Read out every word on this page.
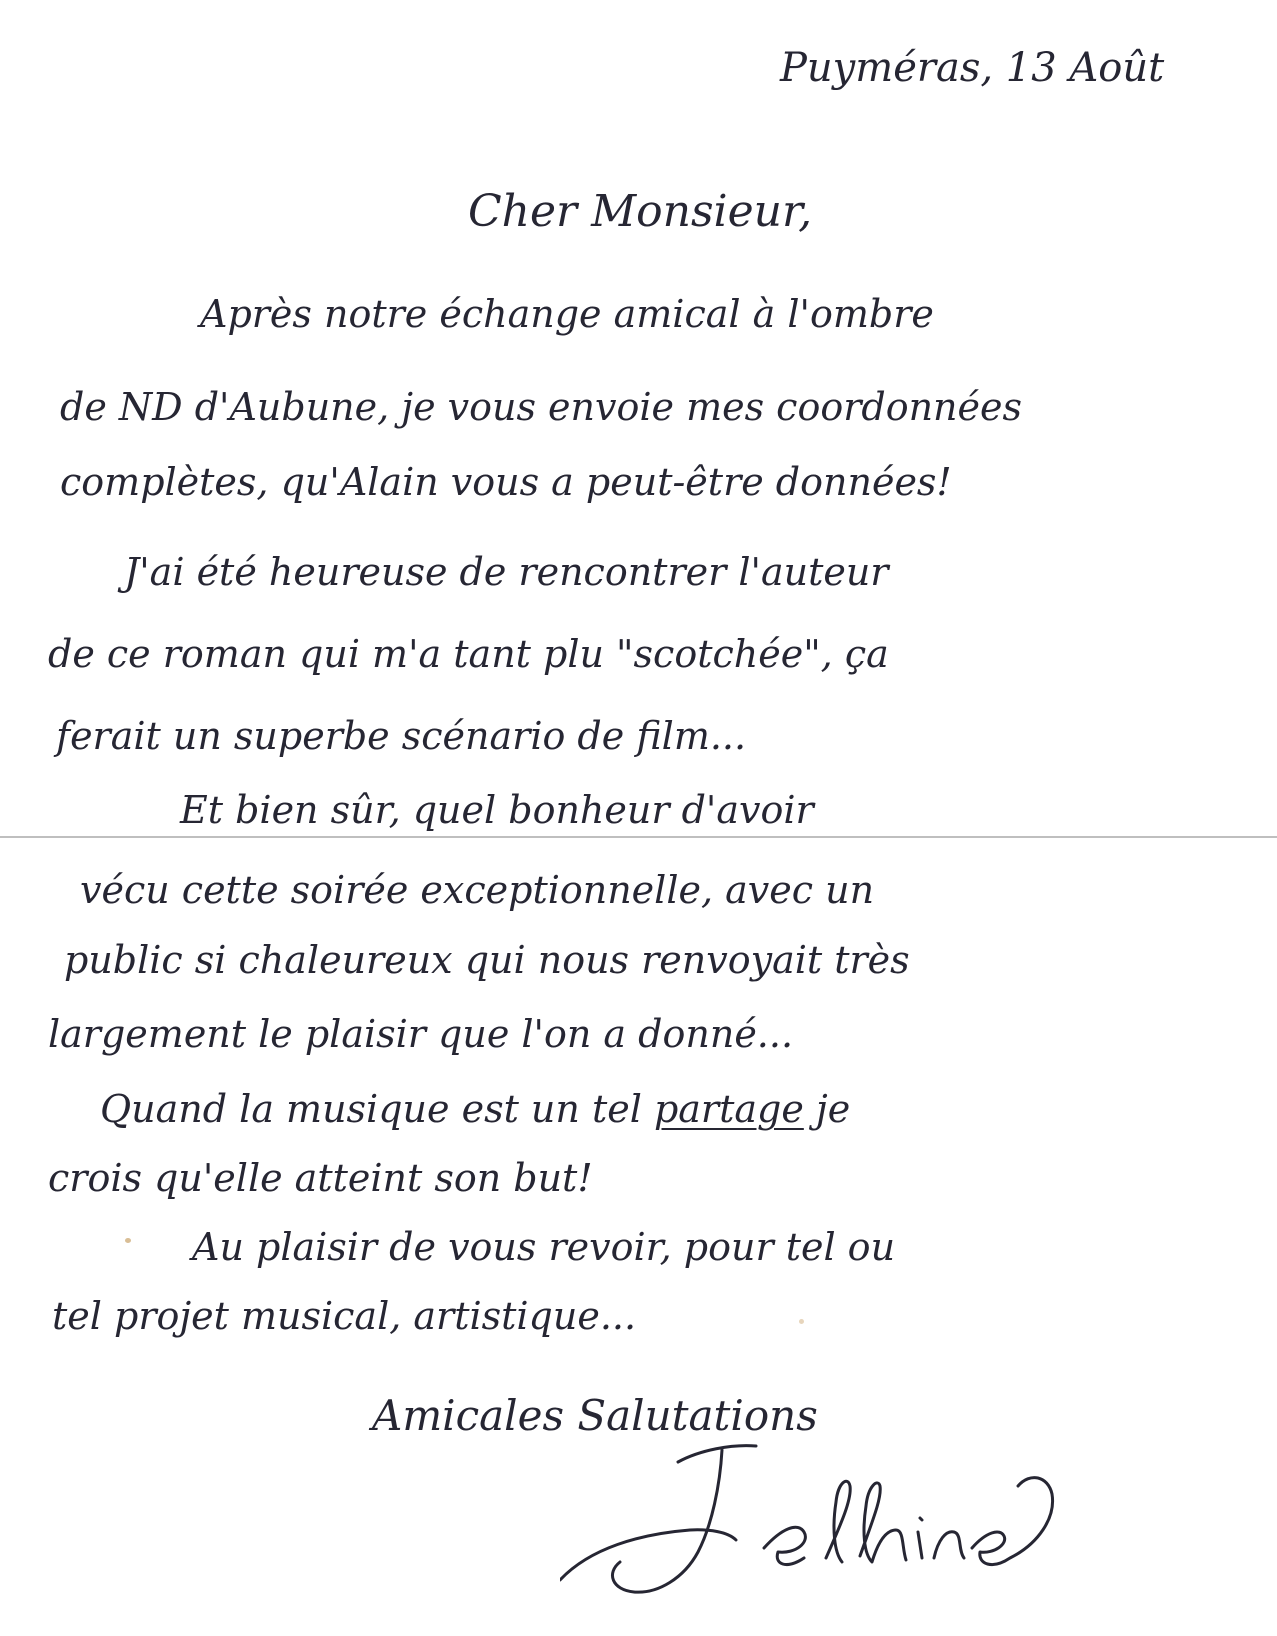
Puyméras, 13 Août

Cher Monsieur,

Après notre échange amical à l'ombre

de ND d'Aubune, je vous envoie mes coordonnées

complètes, qu'Alain vous a peut-être données!

J'ai été heureuse de rencontrer l'auteur

de ce roman qui m'a tant plu "scotchée", ça

ferait un superbe scénario de film...

Et bien sûr, quel bonheur d'avoir

vécu cette soirée exceptionnelle, avec un

public si chaleureux qui nous renvoyait très

largement le plaisir que l'on a donné...

Quand la musique est un tel partage je

crois qu'elle atteint son but!

Au plaisir de vous revoir, pour tel ou

tel projet musical, artistique...

Amicales Salutations
